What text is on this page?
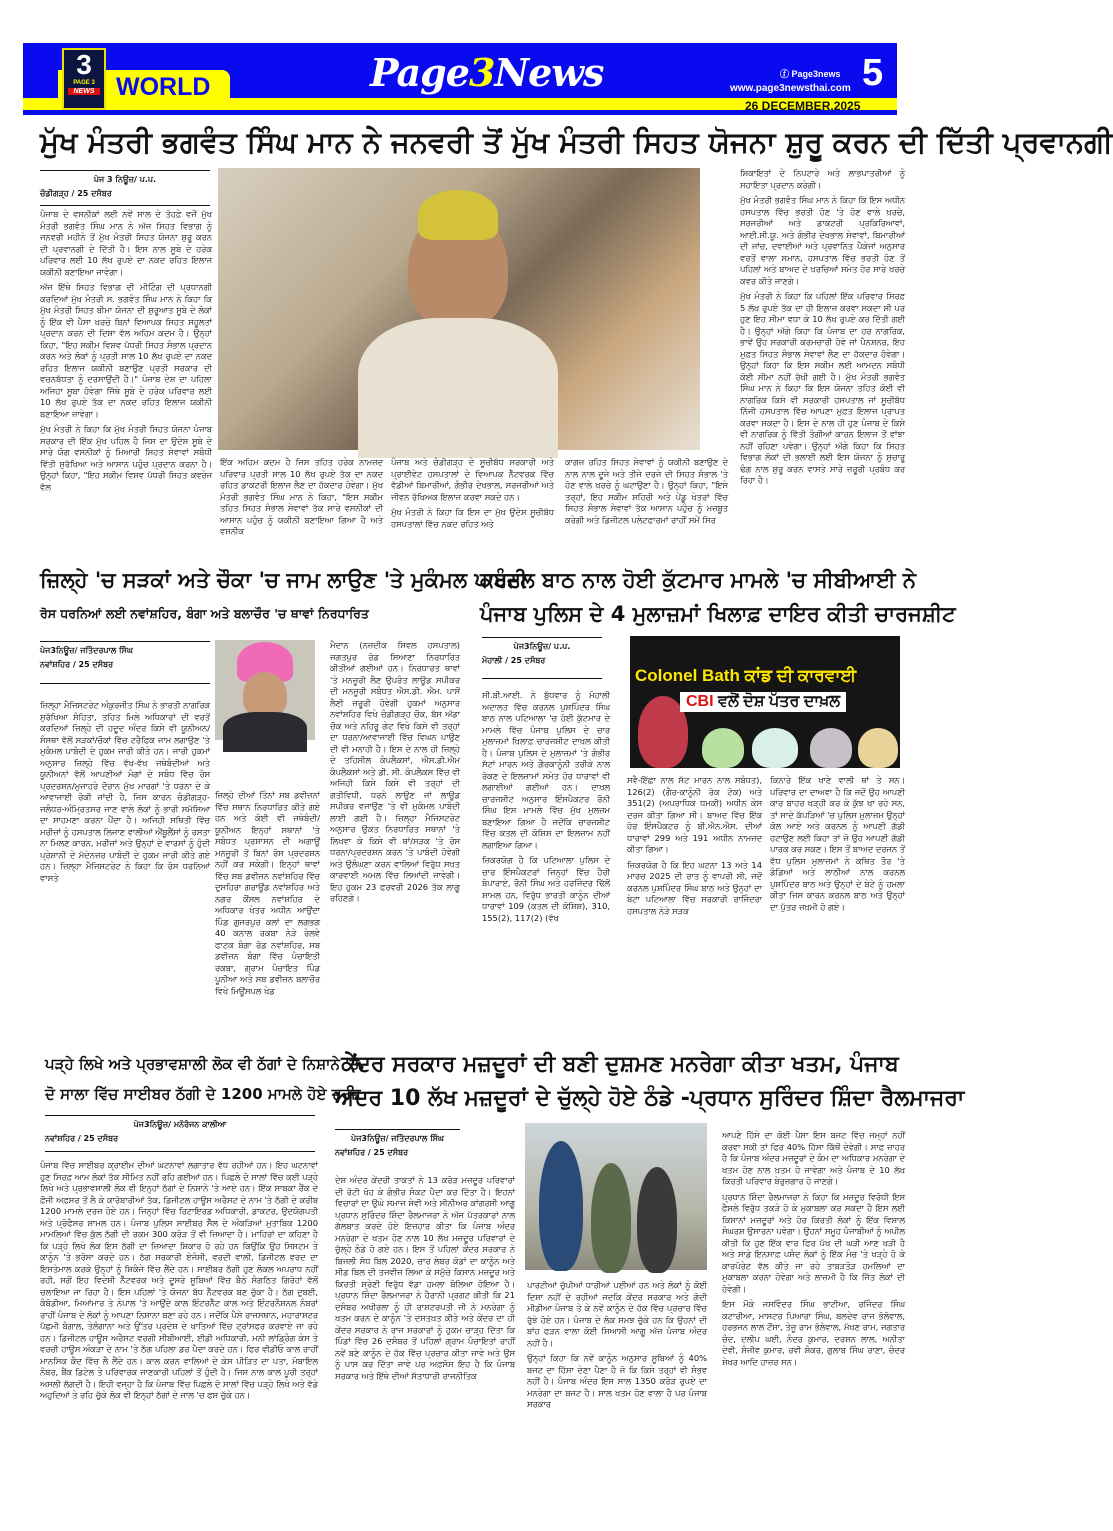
3
PAGE 3
NEWS WORLD	Page3News	ⓕ Page3news
www.page3newsthai.com 5
26 DECEMBER,2025
ਮੁੱਖ ਮੰਤਰੀ ਭਗਵੰਤ ਸਿੰਘ ਮਾਨ ਨੇ ਜਨਵਰੀ ਤੋਂ ਮੁੱਖ ਮੰਤਰੀ ਸਿਹਤ ਯੋਜਨਾ ਸ਼ੁਰੂ ਕਰਨ ਦੀ ਦਿੱਤੀ ਪ੍ਰਵਾਨਗੀ
ਪੇਜ 3 ਨਿਊਜ਼/ ਪ.ਪ.
ਚੰਡੀਗੜ੍ਹ / 25 ਦਸੰਬਰ

ਪੰਜਾਬ ਦੇ ਵਸਨੀਕਾਂ ਲਈ ਨਵੇਂ ਸਾਲ ਦੇ ਤੋਹਫ਼ੇ ਵਜੋਂ ਮੁੱਖ ਮੰਤਰੀ ਭਗਵੰਤ ਸਿੰਘ ਮਾਨ ਨੇ ਅੱਜ ਸਿਹਤ ਵਿਭਾਗ ਨੂੰ ਜਨਵਰੀ ਮਹੀਨੇ ਤੋਂ ਮੁੱਖ ਮੰਤਰੀ ਸਿਹਤ ਯੋਜਨਾ ਸ਼ੁਰੂ ਕਰਨ ਦੀ ਪ੍ਰਵਾਨਗੀ ਦੇ ਦਿੱਤੀ ਹੈ। ਇਸ ਨਾਲ ਸੂਬੇ ਦੇ ਹਰੇਕ ਪਰਿਵਾਰ ਲਈ 10 ਲੱਖ ਰੁਪਏ ਦਾ ਨਕਦ ਰਹਿਤ ਇਲਾਜ ਯਕੀਨੀ ਬਣਾਇਆ ਜਾਵੇਗਾ।

ਅੱਜ ਇੱਥੇ ਸਿਹਤ ਵਿਭਾਗ ਦੀ ਮੀਟਿੰਗ ਦੀ ਪ੍ਰਧਾਨਗੀ ਕਰਦਿਆਂ ਮੁੱਖ ਮੰਤਰੀ ਸ. ਭਗਵੰਤ ਸਿੰਘ ਮਾਨ ਨੇ ਕਿਹਾ ਕਿ ਮੁੱਖ ਮੰਤਰੀ ਸਿਹਤ ਬੀਮਾ ਯੋਜਨਾ ਦੀ ਸ਼ੁਰੂਆਤ ਸੂਬੇ ਦੇ ਲੋਕਾਂ ਨੂੰ ਇੱਕ ਵੀ ਪੈਸਾ ਖਰਚੇ ਬਿਨਾਂ ਵਿਆਪਕ ਸਿਹਤ ਸਹੂਲਤਾਂ ਪ੍ਰਦਾਨ ਕਰਨ ਦੀ ਦਿਸ਼ਾ ਵੱਲ ਅਹਿਮ ਕਦਮ ਹੈ। ਉਨ੍ਹਾਂ ਕਿਹਾ, "ਇਹ ਸਕੀਮ ਵਿਸ਼ਵ ਪੱਧਰੀ ਸਿਹਤ ਸੰਭਾਲ ਪ੍ਰਦਾਨ ਕਰਨ ਅਤੇ ਲੋਕਾਂ ਨੂੰ ਪ੍ਰਤੀ ਸਾਲ 10 ਲੱਖ ਰੁਪਏ ਦਾ ਨਕਦ ਰਹਿਤ ਇਲਾਜ ਯਕੀਨੀ ਬਣਾਉਣ ਪ੍ਰਤੀ ਸਰਕਾਰ ਦੀ ਵਚਨਬੱਧਤਾ ਨੂੰ ਦਰਸਾਉਂਦੀ ਹੈ।" ਪੰਜਾਬ ਦੇਸ਼ ਦਾ ਪਹਿਲਾ ਅਜਿਹਾ ਸੂਬਾ ਹੋਵੇਗਾ ਜਿੱਥੇ ਸੂਬੇ ਦੇ ਹਰੇਕ ਪਰਿਵਾਰ ਲਈ 10 ਲੱਖ ਰੁਪਏ ਤੱਕ ਦਾ ਨਕਦ ਰਹਿਤ ਇਲਾਜ ਯਕੀਨੀ ਬਣਾਇਆ ਜਾਵੇਗਾ।

ਮੁੱਖ ਮੰਤਰੀ ਨੇ ਕਿਹਾ ਕਿ ਮੁੱਖ ਮੰਤਰੀ ਸਿਹਤ ਯੋਜਨਾ ਪੰਜਾਬ ਸਰਕਾਰ ਦੀ ਇੱਕ ਮੁੱਖ ਪਹਿਲ ਹੈ ਜਿਸ ਦਾ ਉਦੇਸ਼ ਸੂਬੇ ਦੇ ਸਾਰੇ ਯੋਗ ਵਸਨੀਕਾਂ ਨੂੰ ਮਿਆਰੀ ਸਿਹਤ ਸੇਵਾਵਾਂ ਸਬੰਧੀ ਵਿੱਤੀ ਸੁਰੱਖਿਆ ਅਤੇ ਆਸਾਨ ਪਹੁੰਚ ਪ੍ਰਦਾਨ ਕਰਨਾ ਹੈ। ਉਨ੍ਹਾਂ ਕਿਹਾ, "ਇਹ ਸਕੀਮ ਵਿਸ਼ਵ ਪੱਧਰੀ ਸਿਹਤ ਕਵਰੇਜ ਵੱਲ

ਇੱਕ ਅਹਿਮ ਕਦਮ ਹੈ ਜਿਸ ਤਹਿਤ ਹਰੇਕ ਨਾਮਜ਼ਦ ਪਰਿਵਾਰ ਪ੍ਰਤੀ ਸਾਲ 10 ਲੱਖ ਰੁਪਏ ਤੱਕ ਦਾ ਨਕਦ ਰਹਿਤ ਡਾਕਟਰੀ ਇਲਾਜ ਲੈਣ ਦਾ ਹੱਕਦਾਰ ਹੋਵੇਗਾ। ਮੁੱਖ ਮੰਤਰੀ ਭਗਵੰਤ ਸਿੰਘ ਮਾਨ ਨੇ ਕਿਹਾ, "ਇਸ ਸਕੀਮ ਤਹਿਤ ਸਿਹਤ ਸੰਭਾਲ ਸੇਵਾਵਾਂ ਤੱਕ ਸਾਰੇ ਵਸਨੀਕਾਂ ਦੀ ਆਸਾਨ ਪਹੁੰਚ ਨੂੰ ਯਕੀਨੀ ਬਣਾਇਆ ਗਿਆ ਹੈ ਅਤੇ ਵਸਨੀਕ

ਪੰਜਾਬ ਅਤੇ ਚੰਡੀਗੜ੍ਹ ਦੇ ਸੂਚੀਬੱਧ ਸਰਕਾਰੀ ਅਤੇ ਪ੍ਰਾਈਵੇਟ ਹਸਪਤਾਲਾਂ ਦੇ ਵਿਆਪਕ ਨੈੱਟਵਰਕ ਵਿੱਚ ਵੱਡੀਆਂ ਬਿਮਾਰੀਆਂ, ਗੰਭੀਰ ਦੇਖਭਾਲ, ਸਰਜਰੀਆਂ ਅਤੇ ਜੀਵਨ ਰੱਖਿਅਕ ਇਲਾਜ ਕਰਵਾ ਸਕਦੇ ਹਨ।

ਮੁੱਖ ਮੰਤਰੀ ਨੇ ਕਿਹਾ ਕਿ ਇਸ ਦਾ ਮੁੱਖ ਉਦੇਸ਼ ਸੂਚੀਬੱਧ ਹਸਪਤਾਲਾਂ ਵਿੱਚ ਨਕਦ ਰਹਿਤ ਅਤੇ

ਕਾਗਜ਼ ਰਹਿਤ ਸਿਹਤ ਸੇਵਾਵਾਂ ਨੂੰ ਯਕੀਨੀ ਬਣਾਉਣ ਦੇ ਨਾਲ ਨਾਲ ਦੂਜੇ ਅਤੇ ਤੀਜੇ ਦਰਜੇ ਦੀ ਸਿਹਤ ਸੰਭਾਲ 'ਤੇ ਹੋਣ ਵਾਲੇ ਖਰਚੇ ਨੂੰ ਘਟਾਉਣਾ ਹੈ। ਉਨ੍ਹਾਂ ਕਿਹਾ, "ਇਸੇ ਤਰ੍ਹਾਂ, ਇਹ ਸਕੀਮ ਸ਼ਹਿਰੀ ਅਤੇ ਪੇਂਡੂ ਖੇਤਰਾਂ ਵਿੱਚ ਸਿਹਤ ਸੰਭਾਲ ਸੇਵਾਵਾਂ ਤੱਕ ਆਸਾਨ ਪਹੁੰਚ ਨੂੰ ਮਜ਼ਬੂਤ ਕਰੇਗੀ ਅਤੇ ਡਿਜੀਟਲ ਪਲੇਟਫਾਰਮਾਂ ਰਾਹੀਂ ਸਮੇਂ ਸਿਰ

ਸ਼ਿਕਾਇਤਾਂ ਦੇ ਨਿਪਟਾਰੇ ਅਤੇ ਲਾਭਪਾਤਰੀਆਂ ਨੂੰ ਸਹਾਇਤਾ ਪ੍ਰਦਾਨ ਕਰੇਗੀ।

ਮੁੱਖ ਮੰਤਰੀ ਭਗਵੰਤ ਸਿੰਘ ਮਾਨ ਨੇ ਕਿਹਾ ਕਿ ਇਸ ਅਧੀਨ ਹਸਪਤਾਲ ਵਿੱਚ ਭਰਤੀ ਹੋਣ 'ਤੇ ਹੋਣ ਵਾਲੇ ਖ਼ਰਚੇ, ਸਰਜਰੀਆਂ ਅਤੇ ਡਾਕਟਰੀ ਪ੍ਰਕਿਰਿਆਵਾਂ, ਆਈ.ਸੀ.ਯੂ. ਅਤੇ ਗੰਭੀਰ ਦੇਖਭਾਲ ਸੇਵਾਵਾਂ, ਬਿਮਾਰੀਆਂ ਦੀ ਜਾਂਚ, ਦਵਾਈਆਂ ਅਤੇ ਪ੍ਰਵਾਨਿਤ ਪੈਕੇਜਾਂ ਅਨੁਸਾਰ ਵਰਤੋਂ ਵਾਲਾ ਸਮਾਨ, ਹਸਪਤਾਲ ਵਿੱਚ ਭਰਤੀ ਹੋਣ ਤੋਂ ਪਹਿਲਾਂ ਅਤੇ ਬਾਅਦ ਦੇ ਖ਼ਰਚਿਆਂ ਸਮੇਤ ਹੋਰ ਸਾਰੇ ਖ਼ਰਚੇ ਕਵਰ ਕੀਤੇ ਜਾਣਗੇ।

ਮੁੱਖ ਮੰਤਰੀ ਨੇ ਕਿਹਾ ਕਿ ਪਹਿਲਾਂ ਇੱਕ ਪਰਿਵਾਰ ਸਿਰਫ਼ 5 ਲੱਖ ਰੁਪਏ ਤੱਕ ਦਾ ਹੀ ਇਲਾਜ ਕਰਵਾ ਸਕਦਾ ਸੀ ਪਰ ਹੁਣ ਇਹ ਸੀਮਾ ਵਧਾ ਕੇ 10 ਲੱਖ ਰੁਪਏ ਕਰ ਦਿੱਤੀ ਗਈ ਹੈ। ਉਨ੍ਹਾਂ ਅੱਗੇ ਕਿਹਾ ਕਿ ਪੰਜਾਬ ਦਾ ਹਰ ਨਾਗਰਿਕ, ਭਾਵੇਂ ਉਹ ਸਰਕਾਰੀ ਕਰਮਚਾਰੀ ਹੋਵੇ ਜਾਂ ਪੈਨਸ਼ਨਰ, ਇਹ ਮੁਫ਼ਤ ਸਿਹਤ ਸੰਭਾਲ ਸੇਵਾਵਾਂ ਲੈਣ ਦਾ ਹੱਕਦਾਰ ਹੋਵੇਗਾ। ਉਨ੍ਹਾਂ ਕਿਹਾ ਕਿ ਇਸ ਸਕੀਮ ਲਈ ਆਮਦਨ ਸਬੰਧੀ ਕੋਈ ਸੀਮਾ ਨਹੀਂ ਰੱਖੀ ਗਈ ਹੈ। ਮੁੱਖ ਮੰਤਰੀ ਭਗਵੰਤ ਸਿੰਘ ਮਾਨ ਨੇ ਕਿਹਾ ਕਿ ਇਸ ਯੋਜਨਾ ਤਹਿਤ ਕੋਈ ਵੀ ਨਾਗਰਿਕ ਕਿਸੇ ਵੀ ਸਰਕਾਰੀ ਹਸਪਤਾਲ ਜਾਂ ਸੂਚੀਬੱਧ ਨਿੱਜੀ ਹਸਪਤਾਲ ਵਿੱਚ ਆਪਣਾ ਮੁਫ਼ਤ ਇਲਾਜ ਪ੍ਰਾਪਤ ਕਰਵਾ ਸਕਦਾ ਹੈ। ਇਸ ਦੇ ਨਾਲ ਹੀ ਹੁਣ ਪੰਜਾਬ ਦੇ ਕਿਸੇ ਵੀ ਨਾਗਰਿਕ ਨੂੰ ਵਿੱਤੀ ਤੰਗੀਆਂ ਕਾਰਨ ਇਲਾਜ ਤੋਂ ਵਾਂਝਾ ਨਹੀਂ ਰਹਿਣਾ ਪਵੇਗਾ। ਉਨ੍ਹਾਂ ਅੱਗੇ ਕਿਹਾ ਕਿ ਸਿਹਤ ਵਿਭਾਗ ਲੋਕਾਂ ਦੀ ਭਲਾਈ ਲਈ ਇਸ ਯੋਜਨਾ ਨੂੰ ਸੁਚਾਰੂ ਢੰਗ ਨਾਲ ਸ਼ੁਰੂ ਕਰਨ ਵਾਸਤੇ ਸਾਰੇ ਜ਼ਰੂਰੀ ਪ੍ਰਬੰਧ ਕਰ ਰਿਹਾ ਹੈ।

ਜ਼ਿਲ੍ਹੇ 'ਚ ਸੜਕਾਂ ਅਤੇ ਚੌਕਾ 'ਚ ਜਾਮ ਲਾਉਣ 'ਤੇ ਮੁਕੰਮਲ ਪਾਬੰਦੀ
ਰੋਸ ਧਰਨਿਆਂ ਲਈ ਨਵਾਂਸ਼ਹਿਰ, ਬੰਗਾ ਅਤੇ ਬਲਾਚੌਰ 'ਚ ਥਾਵਾਂ ਨਿਰਧਾਰਿਤ
ਪੇਜ3ਨਿਊਜ਼/ ਜਤਿੰਦਰਪਾਲ ਸਿੰਘ
ਨਵਾਂਸ਼ਹਿਰ / 25 ਦਸੰਬਰ

ਜ਼ਿਲ੍ਹਾ ਮੈਜਿਸਟਰੇਟ ਅੰਕੁਰਜੀਤ ਸਿੰਘ ਨੇ ਭਾਰਤੀ ਨਾਗਰਿਕ ਸੁਰੱਖਿਆ ਸੰਹਿਤਾ, ਤਹਿਤ ਮਿਲੇ ਅਧਿਕਾਰਾਂ ਦੀ ਵਰਤੋਂ ਕਰਦਿਆਂ ਜ਼ਿਲ੍ਹੇ ਦੀ ਹਦੂਦ ਅੰਦਰ ਕਿਸੇ ਵੀ ਯੂਨੀਅਨ/ਸੰਸਥਾ ਵੱਲੋਂ ਸੜਕਾਂ/ਚੌਕਾਂ ਵਿੱਚ ਟਰੈਫਿਕ ਜਾਮ ਲਗਾਉਣ 'ਤੇ ਮੁਕੰਮਲ ਪਾਬੰਦੀ ਦੇ ਹੁਕਮ ਜਾਰੀ ਕੀਤੇ ਹਨ। ਜਾਰੀ ਹੁਕਮਾਂ ਅਨੁਸਾਰ ਜ਼ਿਲ੍ਹੇ ਵਿੱਚ ਵੱਖ-ਵੱਖ ਜਥੇਬੰਦੀਆਂ ਅਤੇ ਯੂਨੀਅਨਾਂ ਵੱਲੋਂ ਆਪਣੀਆਂ ਮੰਗਾਂ ਦੇ ਸਬੰਧ ਵਿੱਚ ਰੋਸ ਪ੍ਰਦਰਸ਼ਨ/ਮੁਜ਼ਾਹਰੇ ਦੌਰਾਨ ਮੁੱਖ ਮਾਰਗਾਂ 'ਤੇ ਧਰਨਾ ਦੇ ਕੇ ਆਵਾਜਾਈ ਰੋਕੀ ਜਾਂਦੀ ਹੈ, ਜਿਸ ਕਾਰਨ ਚੰਡੀਗੜ੍ਹ-ਜਲੰਧਰ-ਅੰਮ੍ਰਿਤਸਰ ਜਾਣ ਵਾਲੇ ਲੋਕਾਂ ਨੂੰ ਭਾਰੀ ਸਮੱਸਿਆ ਦਾ ਸਾਹਮਣਾ ਕਰਨਾ ਪੈਂਦਾ ਹੈ। ਅਜਿਹੀ ਸਥਿਤੀ ਵਿੱਚ ਮਰੀਜ਼ਾਂ ਨੂੰ ਹਸਪਤਾਲ ਲਿਜਾਣ ਵਾਲੀਆਂ ਐਂਬੂਲੈਂਸਾਂ ਨੂੰ ਰਸਤਾ ਨਾ ਮਿਲਣ ਕਾਰਨ, ਮਰੀਜ਼ਾਂ ਅਤੇ ਉਨ੍ਹਾਂ ਦੇ ਵਾਰਸਾਂ ਨੂੰ ਹੁੰਦੀ ਪ੍ਰੇਸ਼ਾਨੀ ਦੇ ਮੱਦੇਨਜ਼ਰ ਪਾਬੰਦੀ ਦੇ ਹੁਕਮ ਜਾਰੀ ਕੀਤੇ ਗਏ ਹਨ। ਜ਼ਿਲ੍ਹਾ ਮੈਜਿਸਟਰੇਟ ਨੇ ਕਿਹਾ ਕਿ ਰੋਸ ਧਰਨਿਆਂ ਵਾਸਤੇ

ਜ਼ਿਲ੍ਹੇ ਦੀਆਂ ਤਿੰਨਾਂ ਸਬ ਡਵੀਜ਼ਨਾਂ ਵਿੱਚ ਸਥਾਨ ਨਿਰਧਾਰਿਤ ਕੀਤੇ ਗਏ ਹਨ ਅਤੇ ਕੋਈ ਵੀ ਜਥੇਬੰਦੀ/ਯੂਨੀਅਨ ਇਨ੍ਹਾਂ ਸਥਾਨਾਂ 'ਤੇ ਸਬੰਧਤ ਪ੍ਰਸ਼ਾਸਨ ਦੀ ਅਗਾਊਂ ਮਨਜ਼ੂਰੀ ਤੋਂ ਬਿਨਾਂ ਰੋਸ ਪ੍ਰਦਰਸ਼ਨ ਨਹੀਂ ਕਰ ਸਕੇਗੀ। ਇਨ੍ਹਾਂ ਥਾਵਾਂ ਵਿੱਚ ਸਬ ਡਵੀਜ਼ਨ ਨਵਾਂਸ਼ਹਿਰ ਵਿੱਚ ਦੁਸਹਿਰਾ ਗਰਾਊਂਡ ਨਵਾਂਸ਼ਹਿਰ ਅਤੇ ਨਗਰ ਕੌਂਸਲ ਨਵਾਂਸ਼ਹਿਰ ਦੇ ਅਧਿਕਾਰ ਖੇਤਰ ਅਧੀਨ ਆਉਂਦਾ ਪਿੰਡ ਗੁਜਰਪੁਰ ਕਲਾਂ ਦਾ ਲਗਭਗ 40 ਕਨਾਲ ਰਕਬਾ ਨੇੜੇ ਰੇਲਵੇ ਫਾਟਕ ਬੰਗਾ ਰੋਡ ਨਵਾਂਸ਼ਹਿਰ, ਸਬ ਡਵੀਜ਼ਨ ਬੰਗਾ ਵਿੱਚ ਪੰਚਾਇਤੀ ਰਕਬਾ, ਗ੍ਰਾਮ ਪੰਚਾਇਤ ਪਿੰਡ ਪੂਨੀਆ ਅਤੇ ਸਬ ਡਵੀਜ਼ਨ ਬਲਾਚੌਰ ਵਿਖੇ ਮਿਊਂਸਪਲ ਖੇਡ

ਮੈਦਾਨ (ਨਜ਼ਦੀਕ ਸਿਵਲ ਹਸਪਤਾਲ) ਜਗਤਪੁਰ ਰੋਡ ਸਿਆਣਾ ਨਿਰਧਾਰਿਤ ਕੀਤੀਆਂ ਗਈਆਂ ਹਨ। ਨਿਰਧਾਰਤ ਥਾਵਾਂ 'ਤੇ ਮਨਜ਼ੂਰੀ ਲੈਣ ਉਪਰੰਤ ਲਾਊਡ ਸਪੀਕਰ ਦੀ ਮਨਜ਼ੂਰੀ ਸਬੰਧਤ ਐਸ.ਡੀ. ਐਮ. ਪਾਸੋਂ ਲੈਣੀ ਜ਼ਰੂਰੀ ਹੋਵੇਗੀ ਹੁਕਮਾਂ ਅਨੁਸਾਰ ਨਵਾਂਸ਼ਹਿਰ ਵਿਖੇ ਚੰਡੀਗੜ੍ਹ ਚੌਕ, ਬੱਸ ਅੱਡਾ ਚੌਕ ਅਤੇ ਨਹਿਰੂ ਗੇਟ ਵਿਖੇ ਕਿਸੇ ਵੀ ਤਰ੍ਹਾਂ ਦਾ ਧਰਨਾ/ਆਵਾਜਾਈ ਵਿੱਚ ਵਿਘਨ ਪਾਉਣ ਦੀ ਵੀ ਮਨਾਹੀ ਹੈ। ਇਸ ਦੇ ਨਾਲ ਹੀ ਜ਼ਿਲ੍ਹੇ ਦੇ ਤਹਿਸੀਲ ਕੰਪਲੈਕਸਾਂ, ਐਸ.ਡੀ.ਐਮ ਕੰਪਲੈਕਸਾਂ ਅਤੇ ਡੀ. ਸੀ. ਕੰਪਲੈਕਸ ਵਿੱਚ ਵੀ ਅਜਿਹੀ ਕਿਸੇ ਕਿਸੇ ਵੀ ਤਰ੍ਹਾਂ ਦੀ ਗਤੀਵਿਧੀ, ਧਰਨੇ ਲਾਉਣ ਜਾਂ ਲਾਊਡ ਸਪੀਕਰ ਵਜਾਉਣ 'ਤੇ ਵੀ ਮੁਕੰਮਲ ਪਾਬੰਦੀ ਲਾਈ ਗਈ ਹੈ। ਜ਼ਿਲ੍ਹਾ ਮੈਜਿਸਟਰੇਟ ਅਨੁਸਾਰ ਉਕਤ ਨਿਰਧਾਰਿਤ ਸਥਾਨਾਂ 'ਤੇ ਲਿਖਵਾ ਕੇ ਕਿਸੇ ਵੀ ਥਾਂ/ਸੜਕ 'ਤੇ ਰੋਸ ਧਰਨਾ/ਪ੍ਰਦਰਸ਼ਨ ਕਰਨ 'ਤੇ ਪਾਬੰਦੀ ਹੋਵੇਗੀ ਅਤੇ ਉਲੰਘਣਾ ਕਰਨ ਵਾਲਿਆਂ ਵਿਰੁੱਧ ਸਖ਼ਤ ਕਾਰਵਾਈ ਅਮਲ ਵਿੱਚ ਲਿਆਂਦੀ ਜਾਵੇਗੀ। ਇਹ ਹੁਕਮ 23 ਫਰਵਰੀ 2026 ਤੱਕ ਲਾਗੂ ਰਹਿਣਗੇ।

ਕਰਨਲ ਬਾਠ ਨਾਲ ਹੋਈ ਕੁੱਟਮਾਰ ਮਾਮਲੇ 'ਚ ਸੀਬੀਆਈ ਨੇ
ਪੰਜਾਬ ਪੁਲਿਸ ਦੇ 4 ਮੁਲਾਜ਼ਮਾਂ ਖਿਲਾਫ਼ ਦਾਇਰ ਕੀਤੀ ਚਾਰਜਸ਼ੀਟ
ਪੇਜ3ਨਿਊਜ਼/ ਪ.ਪ.
ਮੋਹਾਲੀ / 25 ਦਸੰਬਰ

ਸੀ.ਬੀ.ਆਈ. ਨੇ ਬੁੱਧਵਾਰ ਨੂੰ ਮੋਹਾਲੀ ਅਦਾਲਤ ਵਿੱਚ ਕਰਨਲ ਪੁਸ਼ਪਿੰਦਰ ਸਿੰਘ ਬਾਠ ਨਾਲ ਪਟਿਆਲਾ 'ਚ ਹੋਈ ਕੁੱਟਮਾਰ ਦੇ ਮਾਮਲੇ ਵਿੱਚ ਪੰਜਾਬ ਪੁਲਿਸ ਦੇ ਚਾਰ ਮੁਲਾਜ਼ਮਾਂ ਖ਼ਿਲਾਫ਼ ਚਾਰਜਸ਼ੀਟ ਦਾਖ਼ਲ ਕੀਤੀ ਹੈ। ਪੰਜਾਬ ਪੁਲਿਸ ਦੇ ਮੁਲਾਜ਼ਮਾਂ 'ਤੇ ਗੰਭੀਰ ਸੱਟਾਂ ਮਾਰਨ ਅਤੇ ਗ਼ੈਰਕਾਨੂੰਨੀ ਤਰੀਕੇ ਨਾਲ ਰੋਕਣ ਦੇ ਇਲਜ਼ਾਮਾਂ ਸਮੇਤ ਹੋਰ ਧਾਰਾਵਾਂ ਵੀ ਲਗਾਈਆਂ ਗਈਆਂ ਹਨ। ਦਾਖ਼ਲ ਚਾਰਜਸ਼ੀਟ ਅਨੁਸਾਰ ਇੰਸਪੈਕਟਰ ਰੌਨੀ ਸਿੰਘ ਇਸ ਮਾਮਲੇ ਵਿੱਚ ਮੁੱਖ ਮੁਲਜ਼ਮ ਬਣਾਇਆ ਗਿਆ ਹੈ ਜਦੋਂਕਿ ਚਾਰਜਸ਼ੀਟ ਵਿੱਚ ਕਤਲ ਦੀ ਕੋਸ਼ਿਸ਼ ਦਾ ਇਲਜ਼ਾਮ ਨਹੀਂ ਲਗਾਇਆ ਗਿਆ।

ਜ਼ਿਕਰਯੋਗ ਹੈ ਕਿ ਪਟਿਆਲਾ ਪੁਲਿਸ ਦੇ ਚਾਰ ਇੰਸਪੈਕਟਰਾਂ ਜਿਨ੍ਹਾਂ ਵਿੱਚ ਹੈਰੀ ਬੋਪਾਰਾਏ, ਰੌਨੀ ਸਿੰਘ ਅਤੇ ਹਰਜਿੰਦਰ ਢਿੱਲੋਂ ਸ਼ਾਮਲ ਹਨ, ਵਿਰੁੱਧ ਭਾਰਤੀ ਕਾਨੂੰਨ ਦੀਆਂ ਧਾਰਾਵਾਂ 109 (ਕਤਲ ਦੀ ਕੋਸ਼ਿਸ਼), 310, 155(2), 117(2) (ਵੱਖ

Colonel Bath ਕਾਂਡ ਦੀ ਕਾਰਵਾਈ
CBI ਵਲੋਂ ਦੋਸ਼ ਪੱਤਰ ਦਾਖ਼ਲ

ਸਵੈ-ਇੱਛਾ ਨਾਲ ਸੱਟ ਮਾਰਨ ਨਾਲ ਸਬੰਧਤ), 126(2) (ਗੈਰ-ਕਾਨੂੰਨੀ ਰੋਕ ਟੋਕ) ਅਤੇ 351(2) (ਅਪਰਾਧਿਕ ਧਮਕੀ) ਅਧੀਨ ਕੇਸ ਦਰਜ ਕੀਤਾ ਗਿਆ ਸੀ। ਬਾਅਦ ਵਿੱਚ ਇੱਕ ਹੋਰ ਇੰਸਪੈਕਟਰ ਨੂੰ ਬੀ.ਐਨ.ਐਸ. ਦੀਆਂ ਧਾਰਾਵਾਂ 299 ਅਤੇ 191 ਅਧੀਨ ਨਾਮਜ਼ਦ ਕੀਤਾ ਗਿਆ।

ਜ਼ਿਕਰਯੋਗ ਹੈ ਕਿ ਇਹ ਘਟਨਾ 13 ਅਤੇ 14 ਮਾਰਚ 2025 ਦੀ ਰਾਤ ਨੂੰ ਵਾਪਰੀ ਸੀ, ਜਦੋਂ ਕਰਨਲ ਪੁਸ਼ਪਿੰਦਰ ਸਿੰਘ ਬਾਠ ਅਤੇ ਉਨ੍ਹਾਂ ਦਾ ਬੇਟਾ ਪਟਿਆਲਾ ਵਿੱਚ ਸਰਕਾਰੀ ਰਾਜਿੰਦਰਾ ਹਸਪਤਾਲ ਨੇੜੇ ਸੜਕ

ਕਿਨਾਰੇ ਇੱਕ ਖਾਣੇ ਵਾਲੀ ਥਾਂ ਤੇ ਸਨ। ਪਰਿਵਾਰ ਦਾ ਦਾਅਵਾ ਹੈ ਕਿ ਜਦੋਂ ਉਹ ਆਪਣੀ ਕਾਰ ਬਾਹਰ ਖੜ੍ਹੀ ਕਰ ਕੇ ਕੁੱਝ ਖਾ ਰਹੇ ਸਨ, ਤਾਂ ਸਾਦੇ ਕੱਪੜਿਆਂ 'ਚ ਪੁਲਿਸ ਮੁਲਾਜ਼ਮ ਉਨ੍ਹਾਂ ਕੋਲ ਆਏ ਅਤੇ ਕਰਨਲ ਨੂੰ ਆਪਣੀ ਗੱਡੀ ਹਟਾਉਣ ਲਈ ਕਿਹਾ ਤਾਂ ਜੋ ਉਹ ਆਪਣੀ ਗੱਡੀ ਪਾਰਕ ਕਰ ਸਕਣ। ਇਸ ਤੋਂ ਬਾਅਦ ਦਰਜਨ ਤੋਂ ਵੱਧ ਪੁਲਿਸ ਮੁਲਾਜ਼ਮਾਂ ਨੇ ਕਥਿਤ ਤੌਰ 'ਤੇ ਡੰਡਿਆਂ ਅਤੇ ਲਾਠੀਆਂ ਨਾਲ ਕਰਨਲ ਪੁਸ਼ਪਿੰਦਰ ਬਾਠ ਅਤੇ ਉਨ੍ਹਾਂ ਦੇ ਬੇਟੇ ਨੂੰ ਹਮਲਾ ਕੀਤਾ ਜਿਸ ਕਾਰਨ ਕਰਨਲ ਬਾਠ ਅਤੇ ਉਨ੍ਹਾਂ ਦਾ ਪੁੱਤਰ ਜ਼ਖ਼ਮੀ ਹੋ ਗਏ।

ਪੜ੍ਹੇ ਲਿਖੇ ਅਤੇ ਪ੍ਰਭਾਵਸ਼ਾਲੀ ਲੋਕ ਵੀ ਠੱਗਾਂ ਦੇ ਨਿਸ਼ਾਨੇ 'ਤੇ,
ਦੋ ਸਾਲਾ ਵਿੱਚ ਸਾਈਬਰ ਠੱਗੀ ਦੇ 1200 ਮਾਮਲੇ ਹੋਏ ਦਰਜ
ਪੇਜ3ਨਿਊਜ਼/ ਮਨੋਰੰਜਨ ਕਾਲੀਆ
ਨਵਾਂਸ਼ਹਿਰ / 25 ਦਸੰਬਰ

ਪੰਜਾਬ ਵਿੱਚ ਸਾਈਬਰ ਕ੍ਰਾਈਮ ਦੀਆਂ ਘਟਨਾਵਾਂ ਲਗਾਤਾਰ ਵੱਧ ਰਹੀਆਂ ਹਨ। ਇਹ ਘਟਨਾਵਾਂ ਹੁਣ ਸਿਰਫ਼ ਆਮ ਲੋਕਾਂ ਤੱਕ ਸੀਮਿਤ ਨਹੀਂ ਰਹਿ ਗਈਆਂ ਹਨ। ਪਿਛਲੇ ਦੋ ਸਾਲਾਂ ਵਿੱਚ ਕਈ ਪੜ੍ਹੇ ਲਿਖੇ ਅਤੇ ਪ੍ਰਭਾਵਸ਼ਾਲੀ ਲੋਕ ਵੀ ਇਨ੍ਹਾਂ ਠੱਗਾਂ ਦੇ ਨਿਸ਼ਾਨੇ 'ਤੇ ਆਏ ਹਨ। ਇੱਕ ਸਾਬਕਾ ਰੈਂਕ ਦੇ ਫ਼ੌਜੀ ਅਫ਼ਸਰ ਤੋਂ ਲੈ ਕੇ ਕਾਰੋਬਾਰੀਆਂ ਤੱਕ, ਡਿਜੀਟਲ ਹਾਊਸ ਅਰੈਸਟ ਦੇ ਨਾਮ 'ਤੇ ਠੱਗੀ ਦੇ ਕਰੀਬ 1200 ਮਾਮਲੇ ਦਰਜ ਹੋਏ ਹਨ। ਜਿਨ੍ਹਾਂ ਵਿੱਚ ਰਿਟਾਇਰਡ ਅਧਿਕਾਰੀ, ਡਾਕਟਰ, ਉਦਯੋਗਪਤੀ ਅਤੇ ਪ੍ਰੋਫੈਸਰ ਸ਼ਾਮਲ ਹਨ। ਪੰਜਾਬ ਪੁਲਿਸ ਸਾਈਬਰ ਸੈੱਲ ਦੇ ਅੰਕੜਿਆਂ ਮੁਤਾਬਿਕ 1200 ਮਾਮਲਿਆਂ ਵਿੱਚ ਕੁੱਲ ਠੱਗੀ ਦੀ ਰਕਮ 300 ਕਰੋੜ ਤੋਂ ਵੀ ਜ਼ਿਆਦਾ ਹੈ। ਮਾਹਿਰਾਂ ਦਾ ਕਹਿਣਾ ਹੈ ਕਿ ਪੜ੍ਹੇ ਲਿਖੇ ਲੋਕ ਇਸ ਠੱਗੀ ਦਾ ਜ਼ਿਆਦਾ ਸ਼ਿਕਾਰ ਹੋ ਰਹੇ ਹਨ ਕਿਉਂਕਿ ਉਹ ਸਿਸਟਮ ਤੇ ਕਾਨੂੰਨ 'ਤੇ ਭਰੋਸਾ ਕਰਦੇ ਹਨ। ਠੱਗ ਸਰਕਾਰੀ ਏਜੰਸੀ, ਵਰਦੀ ਵਾਲੀ, ਡਿਜੀਟਲ ਵਰਦ ਦਾ ਇਸਤੇਮਾਲ ਕਰਕੇ ਉਨ੍ਹਾਂ ਨੂੰ ਸ਼ਿਕੰਜੇ ਵਿੱਚ ਲੈਂਦੇ ਹਨ। ਸਾਈਬਰ ਠੱਗੀ ਹੁਣ ਲੋਕਲ ਅਪਰਾਧ ਨਹੀਂ ਰਹੀ, ਸਗੋਂ ਇਹ ਵਿਦੇਸ਼ੀ ਨੈੱਟਵਰਕ ਅਤੇ ਦੂਸਰੇ ਸੂਬਿਆਂ ਵਿੱਚ ਬੈਠੇ ਸੰਗਠਿਤ ਗਿਰੋਹਾਂ ਵੱਲੋਂ ਚਲਾਇਆ ਜਾ ਰਿਹਾ ਹੈ। ਇਸ ਪਹਿਲਾਂ 'ਤੇ ਯੋਜਨਾ ਬੱਧ ਨੈੱਟਵਰਕ ਬਣ ਚੁੱਕਾ ਹੈ। ਠੱਗ ਦੁਬਈ, ਕੰਬੋਡੀਆ, ਮਿਆਂਮਾਰ ਤੇ ਨੇਪਾਲ 'ਤੇ ਆਉਂਦੇ ਕਾਲ ਇੰਟਰਨੈੱਟ ਕਾਲ ਅਤੇ ਇੰਟਰਨੈਸ਼ਨਲ ਨੰਬਰਾਂ ਰਾਹੀਂ ਪੰਜਾਬ ਦੇ ਲੋਕਾਂ ਨੂੰ ਆਪਣਾ ਨਿਸ਼ਾਨਾ ਬਣਾ ਰਹੇ ਹਨ। ਜਦੋਂਕਿ ਪੈਸੇ ਰਾਜਸਥਾਨ, ਮਹਾਰਾਸ਼ਟਰ ਪੱਛਮੀ ਬੰਗਾਲ, ਤੇਲੰਗਾਨਾ ਅਤੇ ਉੱਤਰ ਪ੍ਰਦੇਸ਼ ਦੇ ਖਾਤਿਆਂ ਵਿੱਚ ਟ੍ਰਾਂਸਫਰ ਕਰਵਾਏ ਜਾ ਰਹੇ ਹਨ। ਡਿਜੀਟਲ ਹਾਊਸ ਅਰੈਸਟ ਵਰਗੀ ਸੀਬੀਆਈ, ਈਡੀ ਅਧਿਕਾਰੀ, ਮਨੀ ਲਾਂਡ੍ਰਿੰਗ ਕੇਸ ਤੇ ਵਰਚੀ ਹਾਊਸ ਅੰਕੜਾ ਦੇ ਨਾਮ 'ਤੇ ਠੱਗ ਪਹਿਲਾ ਡਰ ਪੈਦਾ ਕਰਦੇ ਹਨ। ਫਿਰ ਵੀਡੀਓ ਕਾਲ ਰਾਹੀਂ ਮਾਨਸਿਕ ਕੈਦ ਵਿੱਚ ਲੈ ਲੈਂਦੇ ਹਨ। ਕਾਲ ਕਰਨ ਵਾਲਿਆਂ ਦੇ ਕੇਸ ਪੀੜਿਤ ਦਾ ਪਤਾ, ਮੋਬਾਇਲ ਨੰਬਰ, ਬੈਂਕ ਡਿਟੇਲ ਤੇ ਪਰਿਵਾਰਕ ਜਾਣਕਾਰੀ ਪਹਿਲਾਂ ਤੋਂ ਹੁੰਦੀ ਹੈ। ਜਿਸ ਨਾਲ ਕਾਲ ਪੂਰੀ ਤਰ੍ਹਾਂ ਅਸਲੀ ਲੱਗਦੀ ਹੈ। ਇਹੀ ਵਜ੍ਹਾ ਹੈ ਕਿ ਪੰਜਾਬ ਵਿੱਚ ਪਿਛਲੇ ਦੋ ਸਾਲਾਂ ਵਿੱਚ ਪੜ੍ਹੇ ਲਿਖੇ ਅਤੇ ਵੱਡੇ ਅਹੁਦਿਆਂ ਤੇ ਰਹਿ ਚੁੱਕੇ ਲੋਕ ਵੀ ਇਨ੍ਹਾਂ ਠੱਗਾਂ ਦੇ ਜਾਲ 'ਚ ਫਸ ਚੁੱਕੇ ਹਨ।

ਕੇਂਦਰ ਸਰਕਾਰ ਮਜ਼ਦੂਰਾਂ ਦੀ ਬਣੀ ਦੁਸ਼ਮਣ ਮਨਰੇਗਾ ਕੀਤਾ ਖਤਮ, ਪੰਜਾਬ
ਅੰਦਰ 10 ਲੱਖ ਮਜ਼ਦੂਰਾਂ ਦੇ ਚੁੱਲ੍ਹੇ ਹੋਏ ਠੰਡੇ -ਪ੍ਰਧਾਨ ਸੁਰਿੰਦਰ ਸ਼ਿੰਦਾ ਰੈਲਮਾਜਰਾ
ਪੇਜ3ਨਿਊਜ਼/ ਜਤਿੰਦਰਪਾਲ ਸਿੰਘ
ਨਵਾਂਸ਼ਹਿਰ / 25 ਦਸੰਬਰ

ਦੇਸ਼ ਅੰਦਰ ਕੇਂਦਰੀ ਤਾਕਤਾਂ ਨੇ 13 ਕਰੋੜ ਮਜ਼ਦੂਰ ਪਰਿਵਾਰਾਂ ਦੀ ਰੋਟੀ ਖੋਹ ਕੇ ਗੰਭੀਰ ਸੰਕਟ ਪੈਦਾ ਕਰ ਦਿੱਤਾ ਹੈ। ਇਹਨਾਂ ਵਿਚਾਰਾਂ ਦਾ ਉਘੇ ਸਮਾਜ ਸੇਵੀ ਅਤੇ ਸੀਨੀਅਰ ਕਾਂਗਰਸੀ ਆਗੂ ਪ੍ਰਧਾਨ ਸੁਰਿੰਦਰ ਸ਼ਿੰਦਾ ਰੈਲਮਾਜਰਾ ਨੇ ਅੱਜ ਪੱਤਰਕਾਰਾਂ ਨਾਲ ਗੱਲਬਾਤ ਕਰਦੇ ਹੋਏ ਇਜ਼ਹਾਰ ਕੀਤਾ ਕਿ ਪੰਜਾਬ ਅੰਦਰ ਮਨਰੇਗਾ ਦੇ ਖਤਮ ਹੋਣ ਨਾਲ 10 ਲੱਖ ਮਜ਼ਦੂਰ ਪਰਿਵਾਰਾਂ ਦੇ ਚੁੱਲ੍ਹੇ ਠੰਡੇ ਹੋ ਗਏ ਹਨ। ਇਸ ਤੋਂ ਪਹਿਲਾਂ ਕੇਂਦਰ ਸਰਕਾਰ ਨੇ ਬਿਜਲੀ ਸੋਧ ਬਿਲ 2020, ਚਾਰ ਲੇਬਰ ਕੋਡਾਂ ਦਾ ਕਾਨੂੰਨ ਅਤੇ ਸੀਡ ਬਿਲ ਦੀ ਤਜਵੀਜ਼ ਲਿਆ ਕੇ ਸਮੁੱਚੇ ਕਿਸਾਨ ਮਜ਼ਦੂਰ ਅਤੇ ਕਿਰਤੀ ਸ਼੍ਰੇਣੀ ਵਿਰੁੱਧ ਵੱਡਾ ਹਮਲਾ ਬੋਲਿਆ ਹੋਇਆ ਹੈ। ਪ੍ਰਧਾਨ ਸ਼ਿੰਦਾ ਰੈਲਮਾਜਰਾ ਨੇ ਹੈਰਾਨੀ ਪ੍ਰਗਟ ਕੀਤੀ ਕਿ 21 ਦਸੰਬਰ ਅਖੀਰਲਾ ਨੂੰ ਹੀ ਰਾਸ਼ਟਰਪਤੀ ਜੀ ਨੇ ਮਨਰੇਗਾ ਨੂੰ ਖ਼ਤਮ ਕਰਨ ਦੇ ਕਾਨੂੰਨ 'ਤੇ ਦਸਤਖ਼ਤ ਕੀਤੇ ਅਤੇ ਕੇਂਦਰ ਦਾ ਹੀ ਕੇਂਦਰ ਸਰਕਾਰ ਨੇ ਰਾਜ ਸਰਕਾਰਾਂ ਨੂੰ ਹੁਕਮ ਚਾੜ੍ਹ ਦਿੱਤਾ ਕਿ ਪਿੰਡਾਂ ਵਿੱਚ 26 ਦਸੰਬਰ ਤੋਂ ਪਹਿਲਾਂ ਗ੍ਰਾਮ ਪੰਚਾਇਤਾਂ ਰਾਹੀਂ ਨਵੇਂ ਬਣੇ ਕਾਨੂੰਨ ਦੇ ਹੱਕ ਵਿੱਚ ਪ੍ਰਚਾਰ ਕੀਤਾ ਜਾਵੇ ਅਤੇ ਉਸ ਨੂੰ ਪਾਸ ਕਰ ਦਿੱਤਾ ਜਾਵੇ ਪਰ ਅਫ਼ਸੋਸ ਇਹ ਹੈ ਕਿ ਪੰਜਾਬ ਸਰਕਾਰ ਅਤੇ ਇੱਥੇ ਦੀਆਂ ਸੱਤਾਧਾਰੀ ਰਾਜਨੀਤਿਕ

ਪਾਰਟੀਆਂ ਚੁੱਪੀਆਂ ਧਾਰੀਆਂ ਪਈਆਂ ਹਨ ਅਤੇ ਲੋਕਾਂ ਨੂੰ ਕੋਈ ਦਿਸ਼ਾ ਨਹੀਂ ਦੇ ਰਹੀਆਂ ਜਦਕਿ ਕੇਂਦਰ ਸਰਕਾਰ ਅਤੇ ਗੋਦੀ ਮੀਡੀਆ ਪੰਜਾਬ ਤੇ ਕੇ ਨਵੇਂ ਕਾਨੂੰਨ ਦੇ ਹੱਕ ਵਿੱਚ ਪ੍ਰਚਾਰ ਵਿੱਚ ਰੁੱਝੇ ਹੋਏ ਹਨ। ਪੰਜਾਬ ਦੇ ਲੋਕ ਸਮਝ ਚੁੱਕੇ ਹਨ ਕਿ ਉਹਨਾਂ ਦੀ ਬਾਂਹ ਫੜਨ ਵਾਲਾ ਕੋਈ ਸਿਆਸੀ ਆਗੂ ਅੱਜ ਪੰਜਾਬ ਅੰਦਰ ਨਹੀਂ ਹੈ।

ਉਨ੍ਹਾਂ ਕਿਹਾ ਕਿ ਨਵੇਂ ਕਾਨੂੰਨ ਅਨੁਸਾਰ ਸੂਬਿਆਂ ਨੂੰ 40% ਬਜਟ ਦਾ ਹਿੱਸਾ ਦੇਣਾ ਪੈਣਾ ਹੈ ਜੋ ਕਿ ਕਿਸੇ ਤਰ੍ਹਾਂ ਵੀ ਸੰਭਵ ਨਹੀਂ ਹੈ। ਪੰਜਾਬ ਅੰਦਰ ਇਸ ਸਾਲ 1350 ਕਰੋੜ ਰੁਪਏ ਦਾ ਮਨਰੇਗਾ ਦਾ ਬਜਟ ਹੈ। ਸਾਲ ਖਤਮ ਹੋਣ ਵਾਲਾ ਹੈ ਪਰ ਪੰਜਾਬ ਸਰਕਾਰ

ਆਪਣੇ ਹਿੱਸੇ ਦਾ ਕੋਈ ਪੈਸਾ ਇਸ ਬਜਟ ਵਿੱਚ ਜਮ੍ਹਾਂ ਨਹੀਂ ਕਰਵਾ ਸਕੀ ਤਾਂ ਫਿਰ 40% ਹਿੱਸਾ ਕਿੱਥੋਂ ਦੇਵੇਗੀ। ਸਾਫ਼ ਜ਼ਾਹਰ ਹੈ ਕਿ ਪੰਜਾਬ ਅੰਦਰ ਮਜ਼ਦੂਰਾਂ ਦੇ ਕੰਮ ਦਾ ਅਧਿਕਾਰ ਮਨਰੇਗਾ ਦੇ ਖਤਮ ਹੋਣ ਨਾਲ ਖ਼ਤਮ ਹੋ ਜਾਵੇਗਾ ਅਤੇ ਪੰਜਾਬ ਦੇ 10 ਲੱਖ ਕਿਰਤੀ ਪਰਿਵਾਰ ਬੇਰੁਜ਼ਗਾਰ ਹੋ ਜਾਣਗੇ।

ਪ੍ਰਧਾਨ ਸ਼ਿੰਦਾ ਰੈਲਮਾਜਰਾ ਨੇ ਕਿਹਾ ਕਿ ਮਜ਼ਦੂਰ ਵਿਰੋਧੀ ਇਸ ਫੈਸਲੇ ਵਿਰੁੱਧ ਤਕੜੇ ਹੋ ਕੇ ਮੁਕਾਬਲਾ ਕਰ ਸਕਦਾ ਹੈ ਇਸ ਲਈ ਕਿਸਾਨਾਂ ਮਜ਼ਦੂਰਾਂ ਅਤੇ ਹੋਰ ਕਿਰਤੀ ਲੋਕਾਂ ਨੂੰ ਇੱਕ ਵਿਸ਼ਾਲ ਸੰਘਰਸ਼ ਉਸਾਰਨਾ ਪਵੇਗਾ। ਉਹਨਾਂ ਸਮੂਹ ਪੰਜਾਬੀਆਂ ਨੂੰ ਅਪੀਲ ਕੀਤੀ ਕਿ ਹੁਣ ਇੱਕ ਵਾਰ ਫਿਰ ਪੱਖ ਦੀ ਘੜੀ ਆਣ ਖੜੀ ਹੈ ਅਤੇ ਸਾਡੇ ਇਨਸਾਫ਼ ਪਸੰਦ ਲੋਕਾਂ ਨੂੰ ਇੱਕ ਮੰਚ 'ਤੇ ਖੜ੍ਹੇ ਹੋ ਕੇ ਕਾਰਪੋਰੇਟ ਵੱਲ ਕੀਤੇ ਜਾ ਰਹੇ ਤਾਬੜਤੋੜ ਹਮਲਿਆਂ ਦਾ ਮੁਕਾਬਲਾ ਕਰਨਾ ਹੋਵੇਗਾ ਅਤੇ ਲਾਜ਼ਮੀ ਹੈ ਕਿ ਜਿੱਤ ਲੋਕਾਂ ਦੀ ਹੋਵੇਗੀ।

ਇਸ ਮੌਕੇ ਜਸਵਿੰਦਰ ਸਿੰਘ ਭਾਟੀਆ, ਰਜਿੰਦਰ ਸਿੰਘ ਕਟਾਰੀਆ, ਮਾਸਟਰ ਪਿਆਰਾ ਸਿੰਘ, ਬਲਦੇਵ ਰਾਜ ਭੋਲੋਵਾਲ, ਹਰਭਜਨ ਲਾਲ ਟੌਂਸਾ, ਤੇਜੂ ਰਾਮ ਭੋਲੇਵਾਲ, ਮੱਖਣ ਰਾਮ, ਜਗਤਾਰ ਚੰਦ, ਦਲੀਪ ਘਈ, ਨੰਦਰ ਕੁਮਾਰ, ਦਰਸ਼ਨ ਲਾਲ, ਅਨੀਤਾ ਦੇਵੀ, ਸੰਜੀਵ ਕੁਮਾਰ, ਰਵੀ ਸ਼ੰਕਰ, ਗੁਲਾਬ ਸਿੰਘ ਰਾਣਾ, ਚੰਦਰ ਸ਼ੇਖਰ ਆਦਿ ਹਾਜ਼ਰ ਸਨ।
